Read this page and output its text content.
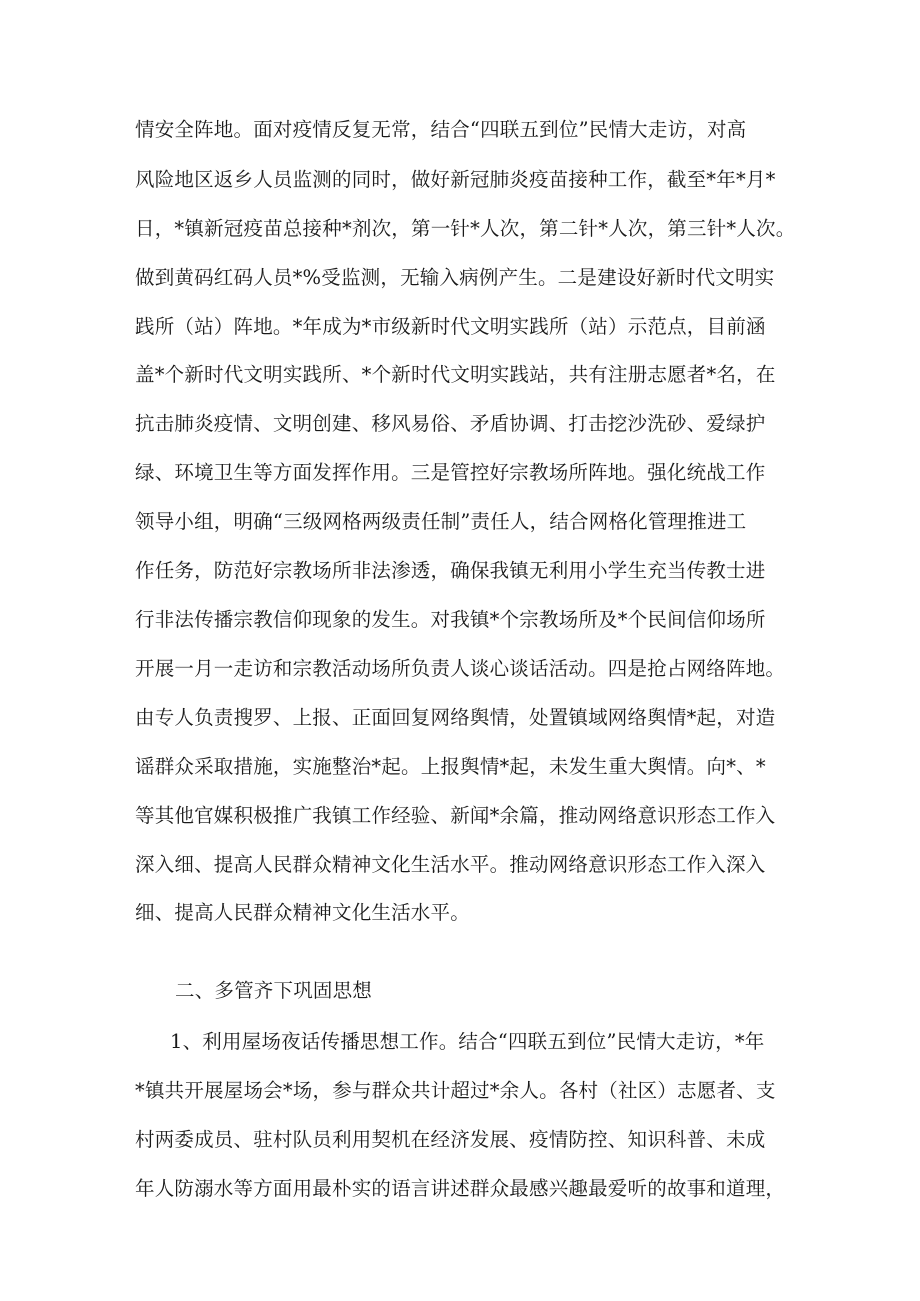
情安全阵地。面对疫情反复无常，结合“四联五到位”民情大走访，对高
风险地区返乡人员监测的同时，做好新冠肺炎疫苗接种工作，截至*年*月*
日，*镇新冠疫苗总接种*剂次，第一针*人次，第二针*人次，第三针*人次。
做到黄码红码人员*%受监测，无输入病例产生。二是建设好新时代文明实
践所（站）阵地。*年成为*市级新时代文明实践所（站）示范点，目前涵
盖*个新时代文明实践所、*个新时代文明实践站，共有注册志愿者*名，在
抗击肺炎疫情、文明创建、移风易俗、矛盾协调、打击挖沙洗砂、爱绿护
绿、环境卫生等方面发挥作用。三是管控好宗教场所阵地。强化统战工作
领导小组，明确“三级网格两级责任制”责任人，结合网格化管理推进工
作任务，防范好宗教场所非法渗透，确保我镇无利用小学生充当传教士进
行非法传播宗教信仰现象的发生。对我镇*个宗教场所及*个民间信仰场所
开展一月一走访和宗教活动场所负责人谈心谈话活动。四是抢占网络阵地。
由专人负责搜罗、上报、正面回复网络舆情，处置镇域网络舆情*起，对造
谣群众采取措施，实施整治*起。上报舆情*起，未发生重大舆情。向*、*
等其他官媒积极推广我镇工作经验、新闻*余篇，推动网络意识形态工作入
深入细、提高人民群众精神文化生活水平。推动网络意识形态工作入深入
细、提高人民群众精神文化生活水平。
二、多管齐下巩固思想
1、利用屋场夜话传播思想工作。结合“四联五到位”民情大走访，*年
*镇共开展屋场会*场，参与群众共计超过*余人。各村（社区）志愿者、支
村两委成员、驻村队员利用契机在经济发展、疫情防控、知识科普、未成
年人防溺水等方面用最朴实的语言讲述群众最感兴趣最爱听的故事和道理，
